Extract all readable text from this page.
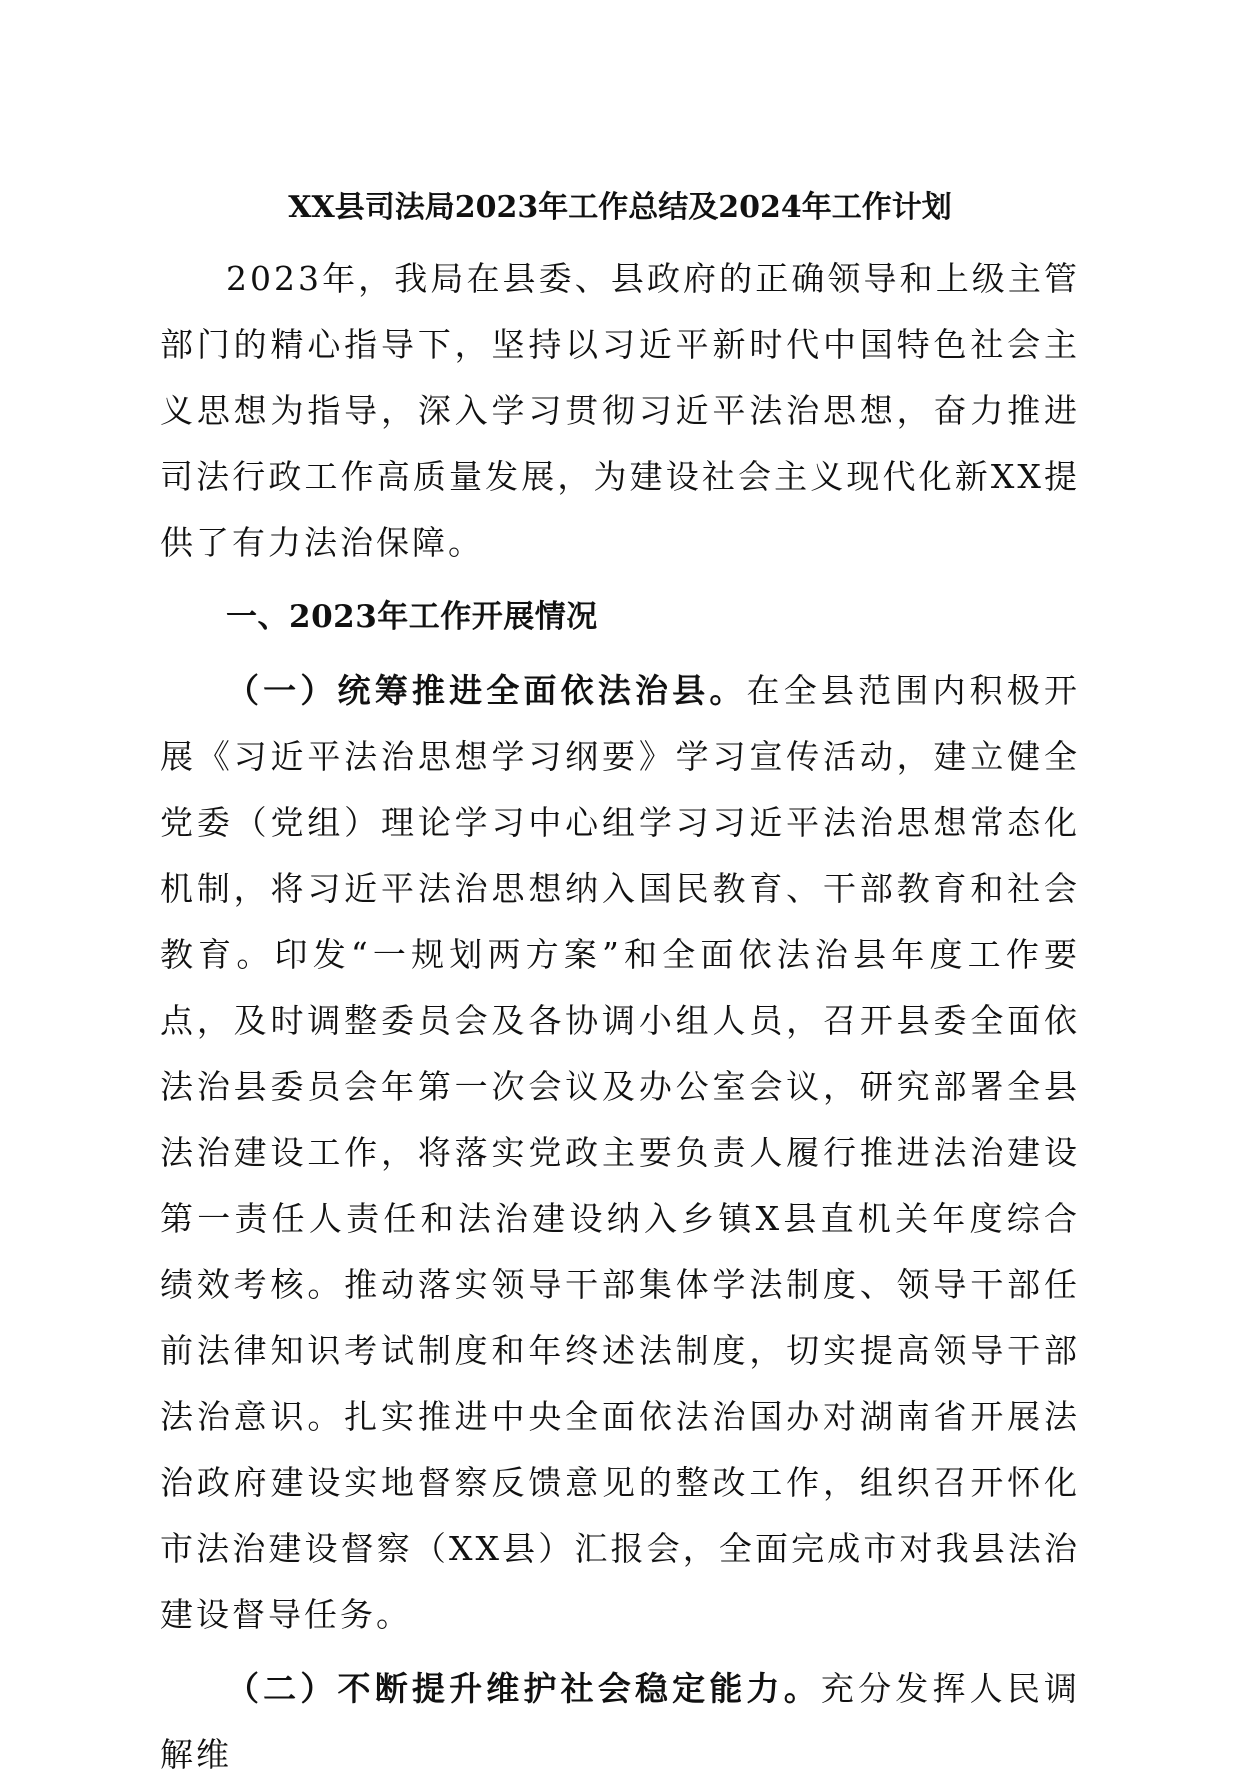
XX县司法局2023年工作总结及2024年工作计划

2023年，我局在县委、县政府的正确领导和上级主管部门的精心指导下，坚持以习近平新时代中国特色社会主义思想为指导，深入学习贯彻习近平法治思想，奋力推进司法行政工作高质量发展，为建设社会主义现代化新XX提供了有力法治保障。

一、2023年工作开展情况

（一）统筹推进全面依法治县。在全县范围内积极开展《习近平法治思想学习纲要》学习宣传活动，建立健全党委（党组）理论学习中心组学习习近平法治思想常态化机制，将习近平法治思想纳入国民教育、干部教育和社会教育。印发“一规划两方案”和全面依法治县年度工作要点，及时调整委员会及各协调小组人员，召开县委全面依法治县委员会年第一次会议及办公室会议，研究部署全县法治建设工作，将落实党政主要负责人履行推进法治建设第一责任人责任和法治建设纳入乡镇X县直机关年度综合绩效考核。推动落实领导干部集体学法制度、领导干部任前法律知识考试制度和年终述法制度，切实提高领导干部法治意识。扎实推进中央全面依法治国办对湖南省开展法治政府建设实地督察反馈意见的整改工作，组织召开怀化市法治建设督察（XX县）汇报会，全面完成市对我县法治建设督导任务。

（二）不断提升维护社会稳定能力。充分发挥人民调解维
